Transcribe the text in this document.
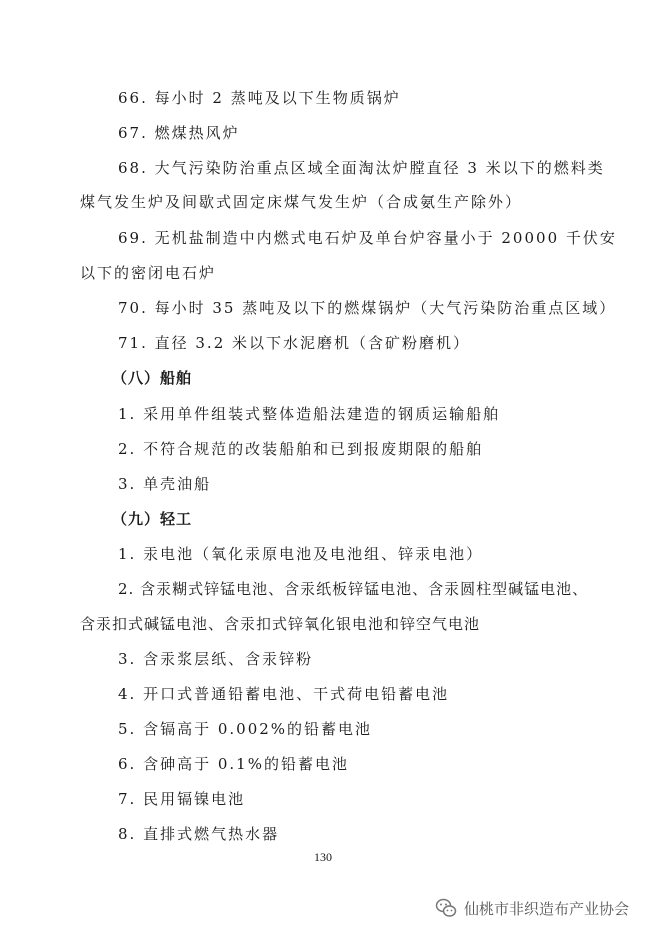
66. 每小时 2 蒸吨及以下生物质锅炉
67. 燃煤热风炉
68. 大气污染防治重点区域全面淘汰炉膛直径 3 米以下的燃料类
煤气发生炉及间歇式固定床煤气发生炉（合成氨生产除外）
69. 无机盐制造中内燃式电石炉及单台炉容量小于 20000 千伏安
以下的密闭电石炉
70. 每小时 35 蒸吨及以下的燃煤锅炉（大气污染防治重点区域）
71. 直径 3.2 米以下水泥磨机（含矿粉磨机）
（八）船舶
1. 采用单件组装式整体造船法建造的钢质运输船舶
2. 不符合规范的改装船舶和已到报废期限的船舶
3. 单壳油船
（九）轻工
1. 汞电池（氧化汞原电池及电池组、锌汞电池）
2. 含汞糊式锌锰电池、含汞纸板锌锰电池、含汞圆柱型碱锰电池、
含汞扣式碱锰电池、含汞扣式锌氧化银电池和锌空气电池
3. 含汞浆层纸、含汞锌粉
4. 开口式普通铅蓄电池、干式荷电铅蓄电池
5. 含镉高于 0.002%的铅蓄电池
6. 含砷高于 0.1%的铅蓄电池
7. 民用镉镍电池
8. 直排式燃气热水器
130
仙桃市非织造布产业协会
